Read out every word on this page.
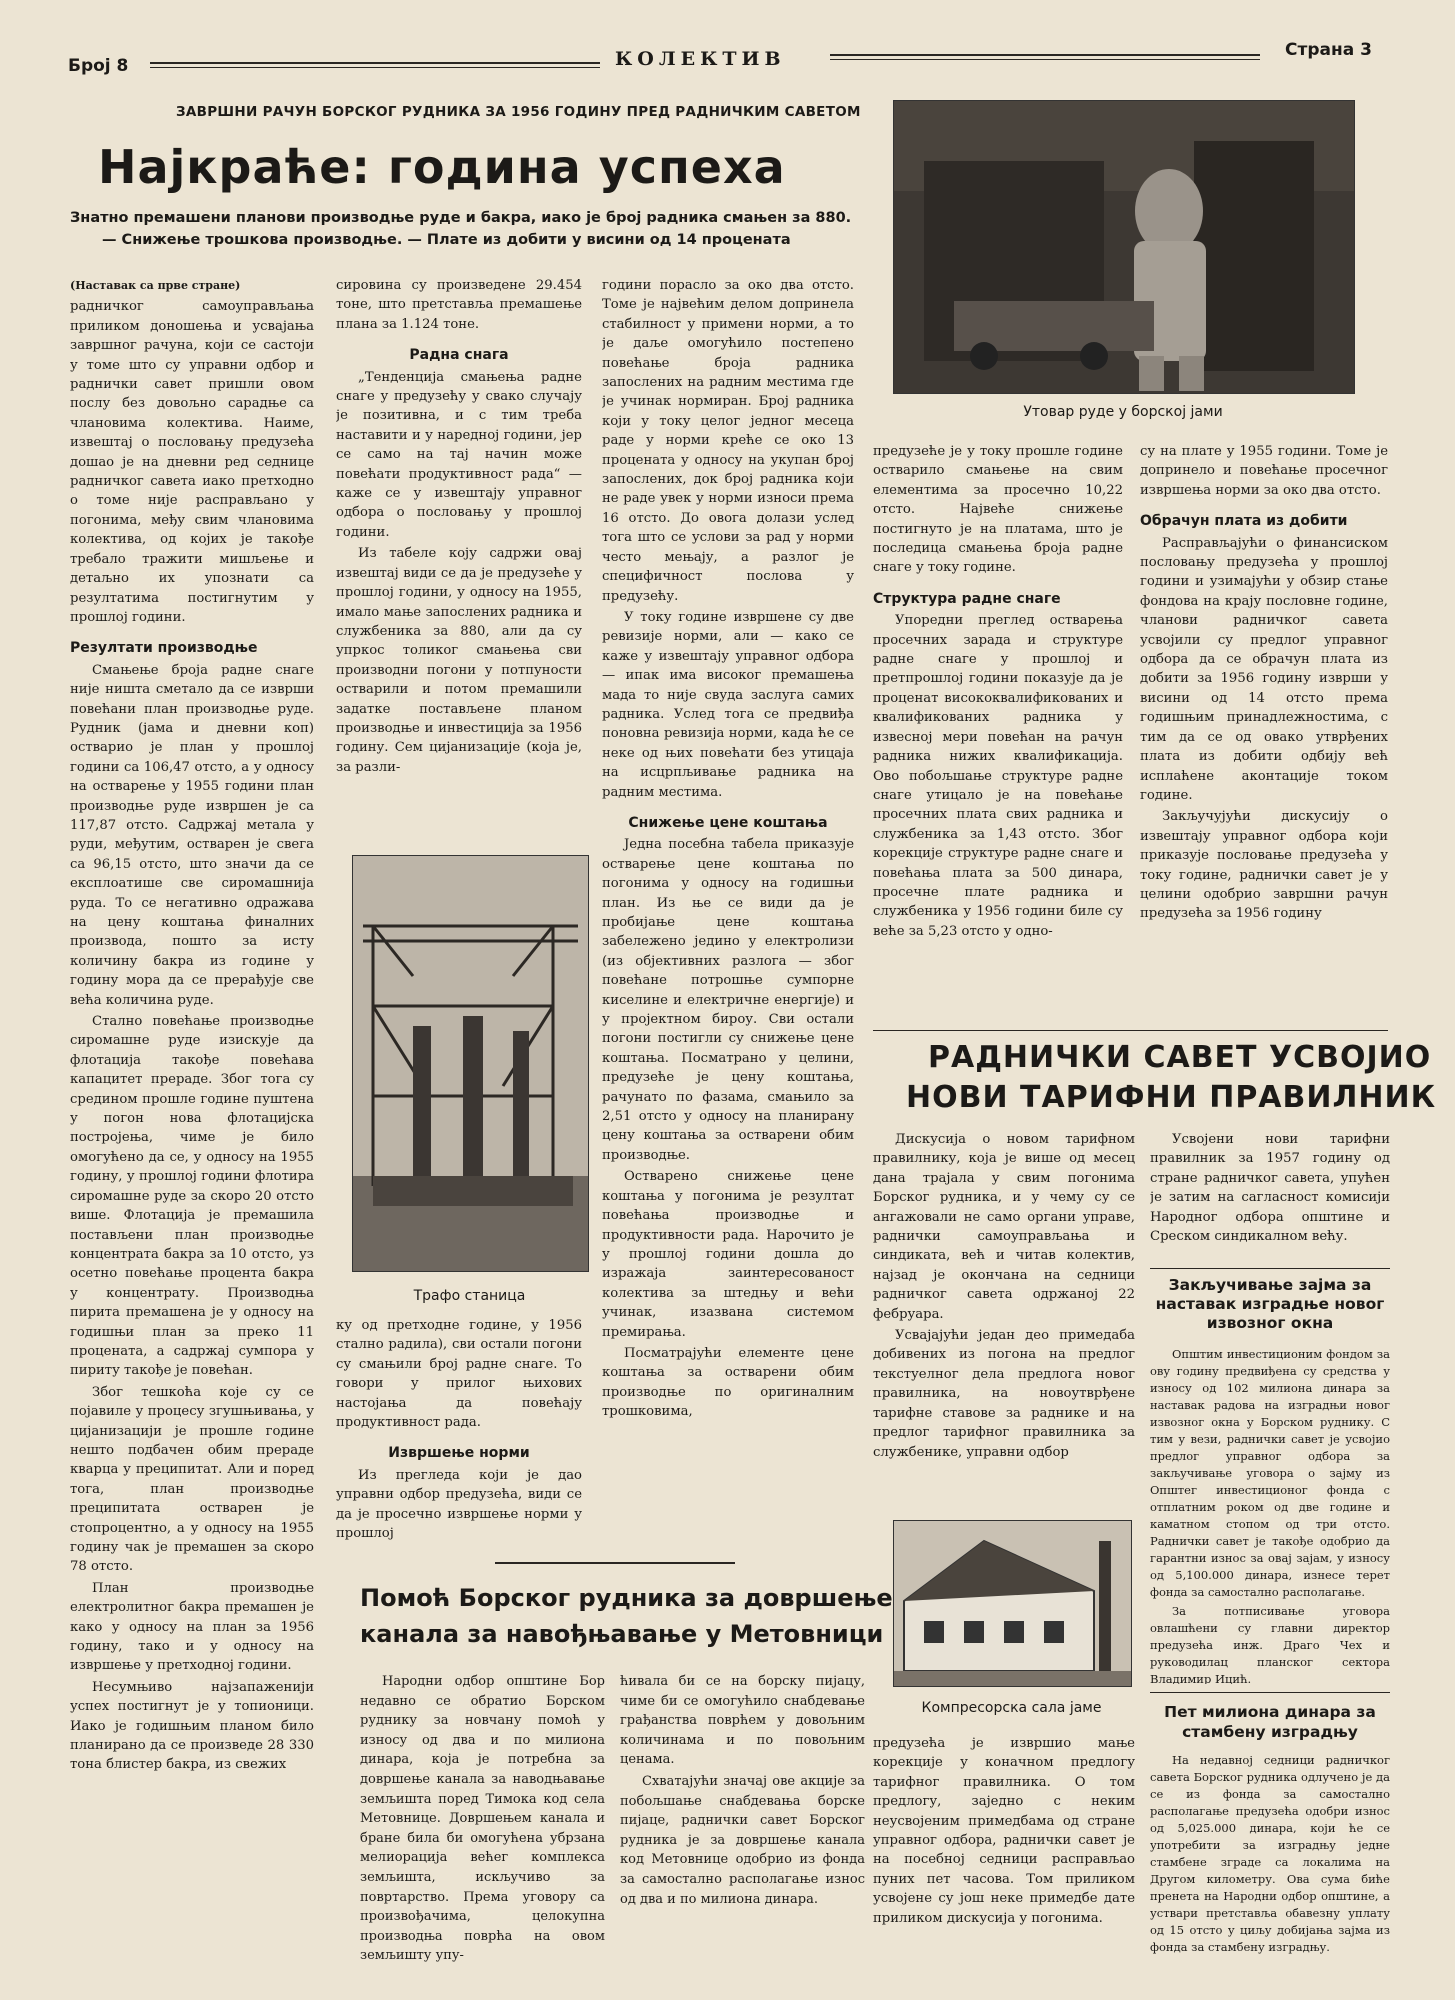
Број 8	КОЛЕКТИВ	Страна 3
ЗАВРШНИ РАЧУН БОРСКОГ РУДНИКА ЗА 1956 ГОДИНУ ПРЕД РАДНИЧКИМ САВЕТОМ
Најкраће: година успеха
Знатно премашени планови производње руде и бакра, иако је број радника смањен за 880.
— Снижење трошкова производње. — Плате из добити у висини од 14 процената
Утовар руде у борској јами

(Наставак са прве стране)

радничког самоуправљања приликом доношења и усвајања завршног рачуна, који се састоји у томе што су управни одбор и раднички савет пришли овом послу без довољно сарадње са члановима колектива. Наиме, извештај о пословању предузећа дошао је на дневни ред седнице радничког савета иако претходно о томе није расправљано у погонима, међу свим члановима колектива, од којих је такође требало тражити мишљење и детаљно их упознати са резултатима постигнутим у прошлој години.

Резултати производње

Смањење броја радне снаге није ништа сметало да се изврши повећани план производње руде. Рудник (јама и дневни коп) остварио је план у прошлој години са 106,47 отсто, а у односу на остварење у 1955 години план производње руде извршен је са 117,87 отсто. Садржај метала у руди, међутим, остварен је свега са 96,15 отсто, што значи да се експлоатише све сиромашнија руда. То се негативно одражава на цену коштања финалних производа, пошто за исту количину бакра из године у годину мора да се прерађује све већа количина руде.

Стално повећање производње сиромашне руде изискује да флотација такође повећава капацитет прераде. Због тога су средином прошле године пуштена у погон нова флотацијска постројења, чиме је било омогућено да се, у односу на 1955 годину, у прошлој години флотира сиромашне руде за скоро 20 отсто више. Флотација је премашила постављени план производње концентрата бакра за 10 отсто, уз осетно повећање процента бакра у концентрату. Производња пирита премашена је у односу на годишњи план за преко 11 процената, а садржај сумпора у пириту такође је повећан.

Због тешкоћа које су се појавиле у процесу згушњивања, у цијанизацији је прошле године нешто подбачен обим прераде кварца у преципитат. Али и поред тога, план производње преципитата остварен је стопроцентно, а у односу на 1955 годину чак је премашен за скоро 78 отсто.

План производње електролитног бакра премашен је како у односу на план за 1956 годину, тако и у односу на извршење у претходној години.

Несумњиво најзапаженији успех постигнут је у топионици. Иако је годишњим планом било планирано да се произведе 28 330 тона блистер бакра, из свежих

сировина су произведене 29.454 тоне, што претставља премашење плана за 1.124 тоне.

Радна снага

„Тенденција смањења радне снаге у предузећу у свако случају је позитивна, и с тим треба наставити и у наредној години, јер се само на тај начин може повећати продуктивност рада“ — каже се у извештају управног одбора о пословању у прошлој години.

Из табеле коју садржи овај извештај види се да је предузеће у прошлој години, у односу на 1955, имало мање запослених радника и службеника за 880, али да су упркос толиког смањења сви производни погони у потпуности остварили и потом премашили задатке постављене планом производње и инвестиција за 1956 годину. Сем цијанизације (која је, за разли-

Трафо станица

ку од претходне године, у 1956 стално радила), сви остали погони су смањили број радне снаге. То говори у прилог њихових настојања да повећају продуктивност рада.

Извршење норми

Из прегледа који је дао управни одбор предузећа, види се да је просечно извршење норми у прошлој

години порасло за око два отсто. Томе је највећим делом допринела стабилност у примени норми, а то је даље омогућило постепено повећање броја радника запослених на радним местима где је учинак нормиран. Број радника који у току целог једног месеца раде у норми креће се око 13 процената у односу на укупан број запослених, док број радника који не раде увек у норми износи према 16 отсто. До овога долази услед тога што се услови за рад у норми често мењају, а разлог је специфичност послова у предузећу.

У току године извршене су две ревизије норми, али — како се каже у извештају управног одбора — ипак има високог премашења мада то није свуда заслуга самих радника. Услед тога се предвиђа поновна ревизија норми, када ће се неке од њих повећати без утицаја на исцрпљивање радника на радним местима.

Снижење цене коштања

Једна посебна табела приказује остварење цене коштања по погонима у односу на годишњи план. Из ње се види да је пробијање цене коштања забележено једино у електролизи (из објективних разлога — због повећане потрошње сумпорне киселине и електричне енергије) и у пројектном бироу. Сви остали погони постигли су снижење цене коштања. Посматрано у целини, предузеће је цену коштања, рачунато по фазама, смањило за 2,51 отсто у односу на планирану цену коштања за остварени обим производње.

Остварено снижење цене коштања у погонима је резултат повећања производње и продуктивности рада. Нарочито је у прошлој години дошла до изражаја заинтересованост колектива за штедњу и већи учинак, изазвана системом премирања.

Посматрајући елементе цене коштања за остварени обим производње по оригиналним трошковима,

предузеће је у току прошле године остварило смањење на свим елементима за просечно 10,22 отсто. Највеће снижење постигнуто је на платама, што је последица смањења броја радне снаге у току године.

Структура радне снаге

Упоредни преглед остварења просечних зарада и структуре радне снаге у прошлој и претпрошлој години показује да је проценат висококвалификованих и квалификованих радника у извесној мери повећан на рачун радника нижих квалификација. Ово побољшање структуре радне снаге утицало је на повећање просечних плата свих радника и службеника за 1,43 отсто. Због корекције структуре радне снаге и повећања плата за 500 динара, просечне плате радника и службеника у 1956 години биле су веће за 5,23 отсто у одно-

су на плате у 1955 години. Томе је допринело и повећање просечног извршења норми за око два отсто.

Обрачун плата из добити

Расправљајући о финансиском пословању предузећа у прошлој години и узимајући у обзир стање фондова на крају пословне године, чланови радничког савета усвојили су предлог управног одбора да се обрачун плата из добити за 1956 годину изврши у висини од 14 отсто према годишњим принадлежностима, с тим да се од овако утврђених плата из добити одбију већ исплаћене аконтације током године.

Закључујући дискусију о извештају управног одбора који приказује пословање предузећа у току године, раднички савет је у целини одобрио завршни рачун предузећа за 1956 годину

РАДНИЧКИ САВЕТ УСВОЈИО
НОВИ ТАРИФНИ ПРАВИЛНИК

Дискусија о новом тарифном правилнику, која је више од месец дана трајала у свим погонима Борског рудника, и у чему су се ангажовали не само органи управе, раднички самоуправљања и синдиката, већ и читав колектив, најзад је окончана на седници радничког савета одржаној 22 фебруара.

Усвајајући један део примедаба добивених из погона на предлог текстуелног дела предлога новог правилника, на новоутврђене тарифне ставове за раднике и на предлог тарифног правилника за службенике, управни одбор

Компресорска сала јаме

предузећа је извршио мање корекције у коначном предлогу тарифног правилника. О том предлогу, заједно с неким неусвојеним примедбама од стране управног одбора, раднички савет је на посебној седници расправљао пуних пет часова. Том приликом усвојене су још неке примедбе дате приликом дискусија у погонима.

Усвојени нови тарифни правилник за 1957 годину од стране радничког савета, упућен је затим на сагласност комисији Народног одбора општине и Среском синдикалном већу.

Закључивање зајма за наставак изградње новог извозног окна

Општим инвестиционим фондом за ову годину предвиђена су средства у износу од 102 милиона динара за наставак радова на изградњи новог извозног окна у Борском руднику. С тим у вези, раднички савет је усвојио предлог управног одбора за закључивање уговора о зајму из Општег инвестиционог фонда с отплатним роком од две године и каматном стопом од три отсто. Раднички савет је такође одобрио да гарантни износ за овај зајам, у износу од 5,100.000 динара, изнесе терет фонда за самостално располагање.

За потписивање уговора овлашћени су главни директор предузећа инж. Драго Чех и руководилац планског сектора Владимир Ицић.

Пет милиона динара за стамбену изградњу

На недавној седници радничког савета Борског рудника одлучено је да се из фонда за самостално располагање предузећа одобри износ од 5,025.000 динара, који ће се употребити за изградњу једне стамбене зграде са локалима на Другом километру. Ова сума биће пренета на Народни одбор општине, а уствари претставља обавезну уплату од 15 отсто у циљу добијања зајма из фонда за стамбену изградњу.

Помоћ Борског рудника за довршење
канала за навођњавање у Метовници

Народни одбор општине Бор недавно се обратио Борском руднику за новчану помоћ у износу од два и по милиона динара, која је потребна за довршење канала за наводњавање земљишта поред Тимока код села Метовнице. Довршењем канала и бране била би омогућена убрзана мелиорација већег комплекса земљишта, искључиво за повртарство. Према уговору са произвођачима, целокупна производња поврћа на овом земљишту упу-

ћивала би се на борску пијацу, чиме би се омогућило снабдевање грађанства поврћем у довољним количинама и по повољним ценама.

Схватајући значај ове акције за побољшање снабдевања борске пијаце, раднички савет Борског рудника је за довршење канала код Метовнице одобрио из фонда за самостално располагање износ од два и по милиона динара.
